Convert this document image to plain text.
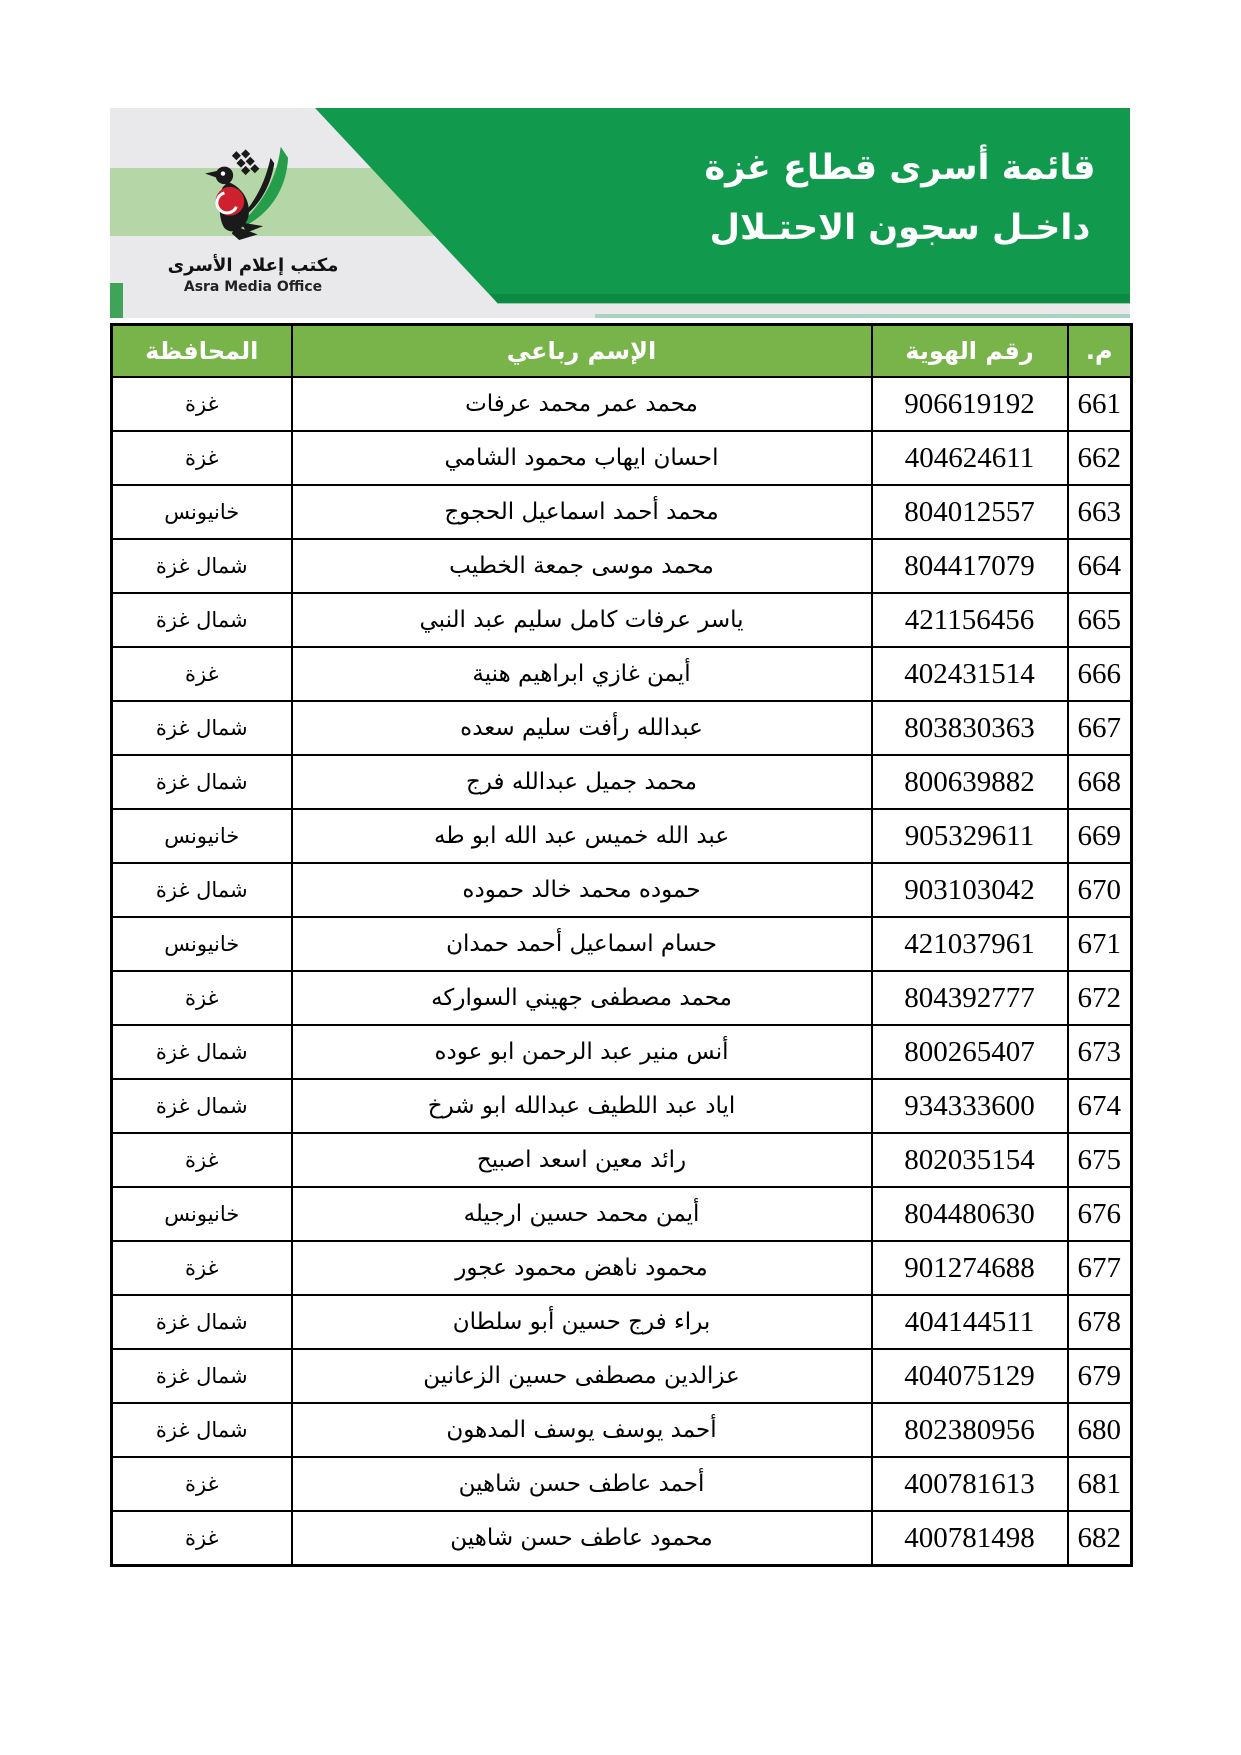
قائمة أسرى قطاع غزة
داخـل سجون الاحتـلال
مكتب إعلام الأسرى
Asra Media Office
م.	رقم الهوية	الإسم رباعي	المحافظة
661	906619192	محمد عمر محمد عرفات	غزة
662	404624611	احسان ايهاب محمود الشامي	غزة
663	804012557	محمد أحمد اسماعيل الحجوج	خانيونس
664	804417079	محمد موسى جمعة الخطيب	شمال غزة
665	421156456	ياسر عرفات كامل سليم عبد النبي	شمال غزة
666	402431514	أيمن غازي ابراهيم هنية	غزة
667	803830363	عبدالله رأفت سليم سعده	شمال غزة
668	800639882	محمد جميل عبدالله فرج	شمال غزة
669	905329611	عبد الله خميس عبد الله ابو طه	خانيونس
670	903103042	حموده محمد خالد حموده	شمال غزة
671	421037961	حسام اسماعيل أحمد حمدان	خانيونس
672	804392777	محمد مصطفى جهيني السواركه	غزة
673	800265407	أنس منير عبد الرحمن ابو عوده	شمال غزة
674	934333600	اياد عبد اللطيف عبدالله ابو شرخ	شمال غزة
675	802035154	رائد معين اسعد اصبيح	غزة
676	804480630	أيمن محمد حسين ارجيله	خانيونس
677	901274688	محمود ناهض محمود عجور	غزة
678	404144511	براء فرج حسين أبو سلطان	شمال غزة
679	404075129	عزالدين مصطفى حسين الزعانين	شمال غزة
680	802380956	أحمد يوسف يوسف المدهون	شمال غزة
681	400781613	أحمد عاطف حسن شاهين	غزة
682	400781498	محمود عاطف حسن شاهين	غزة
